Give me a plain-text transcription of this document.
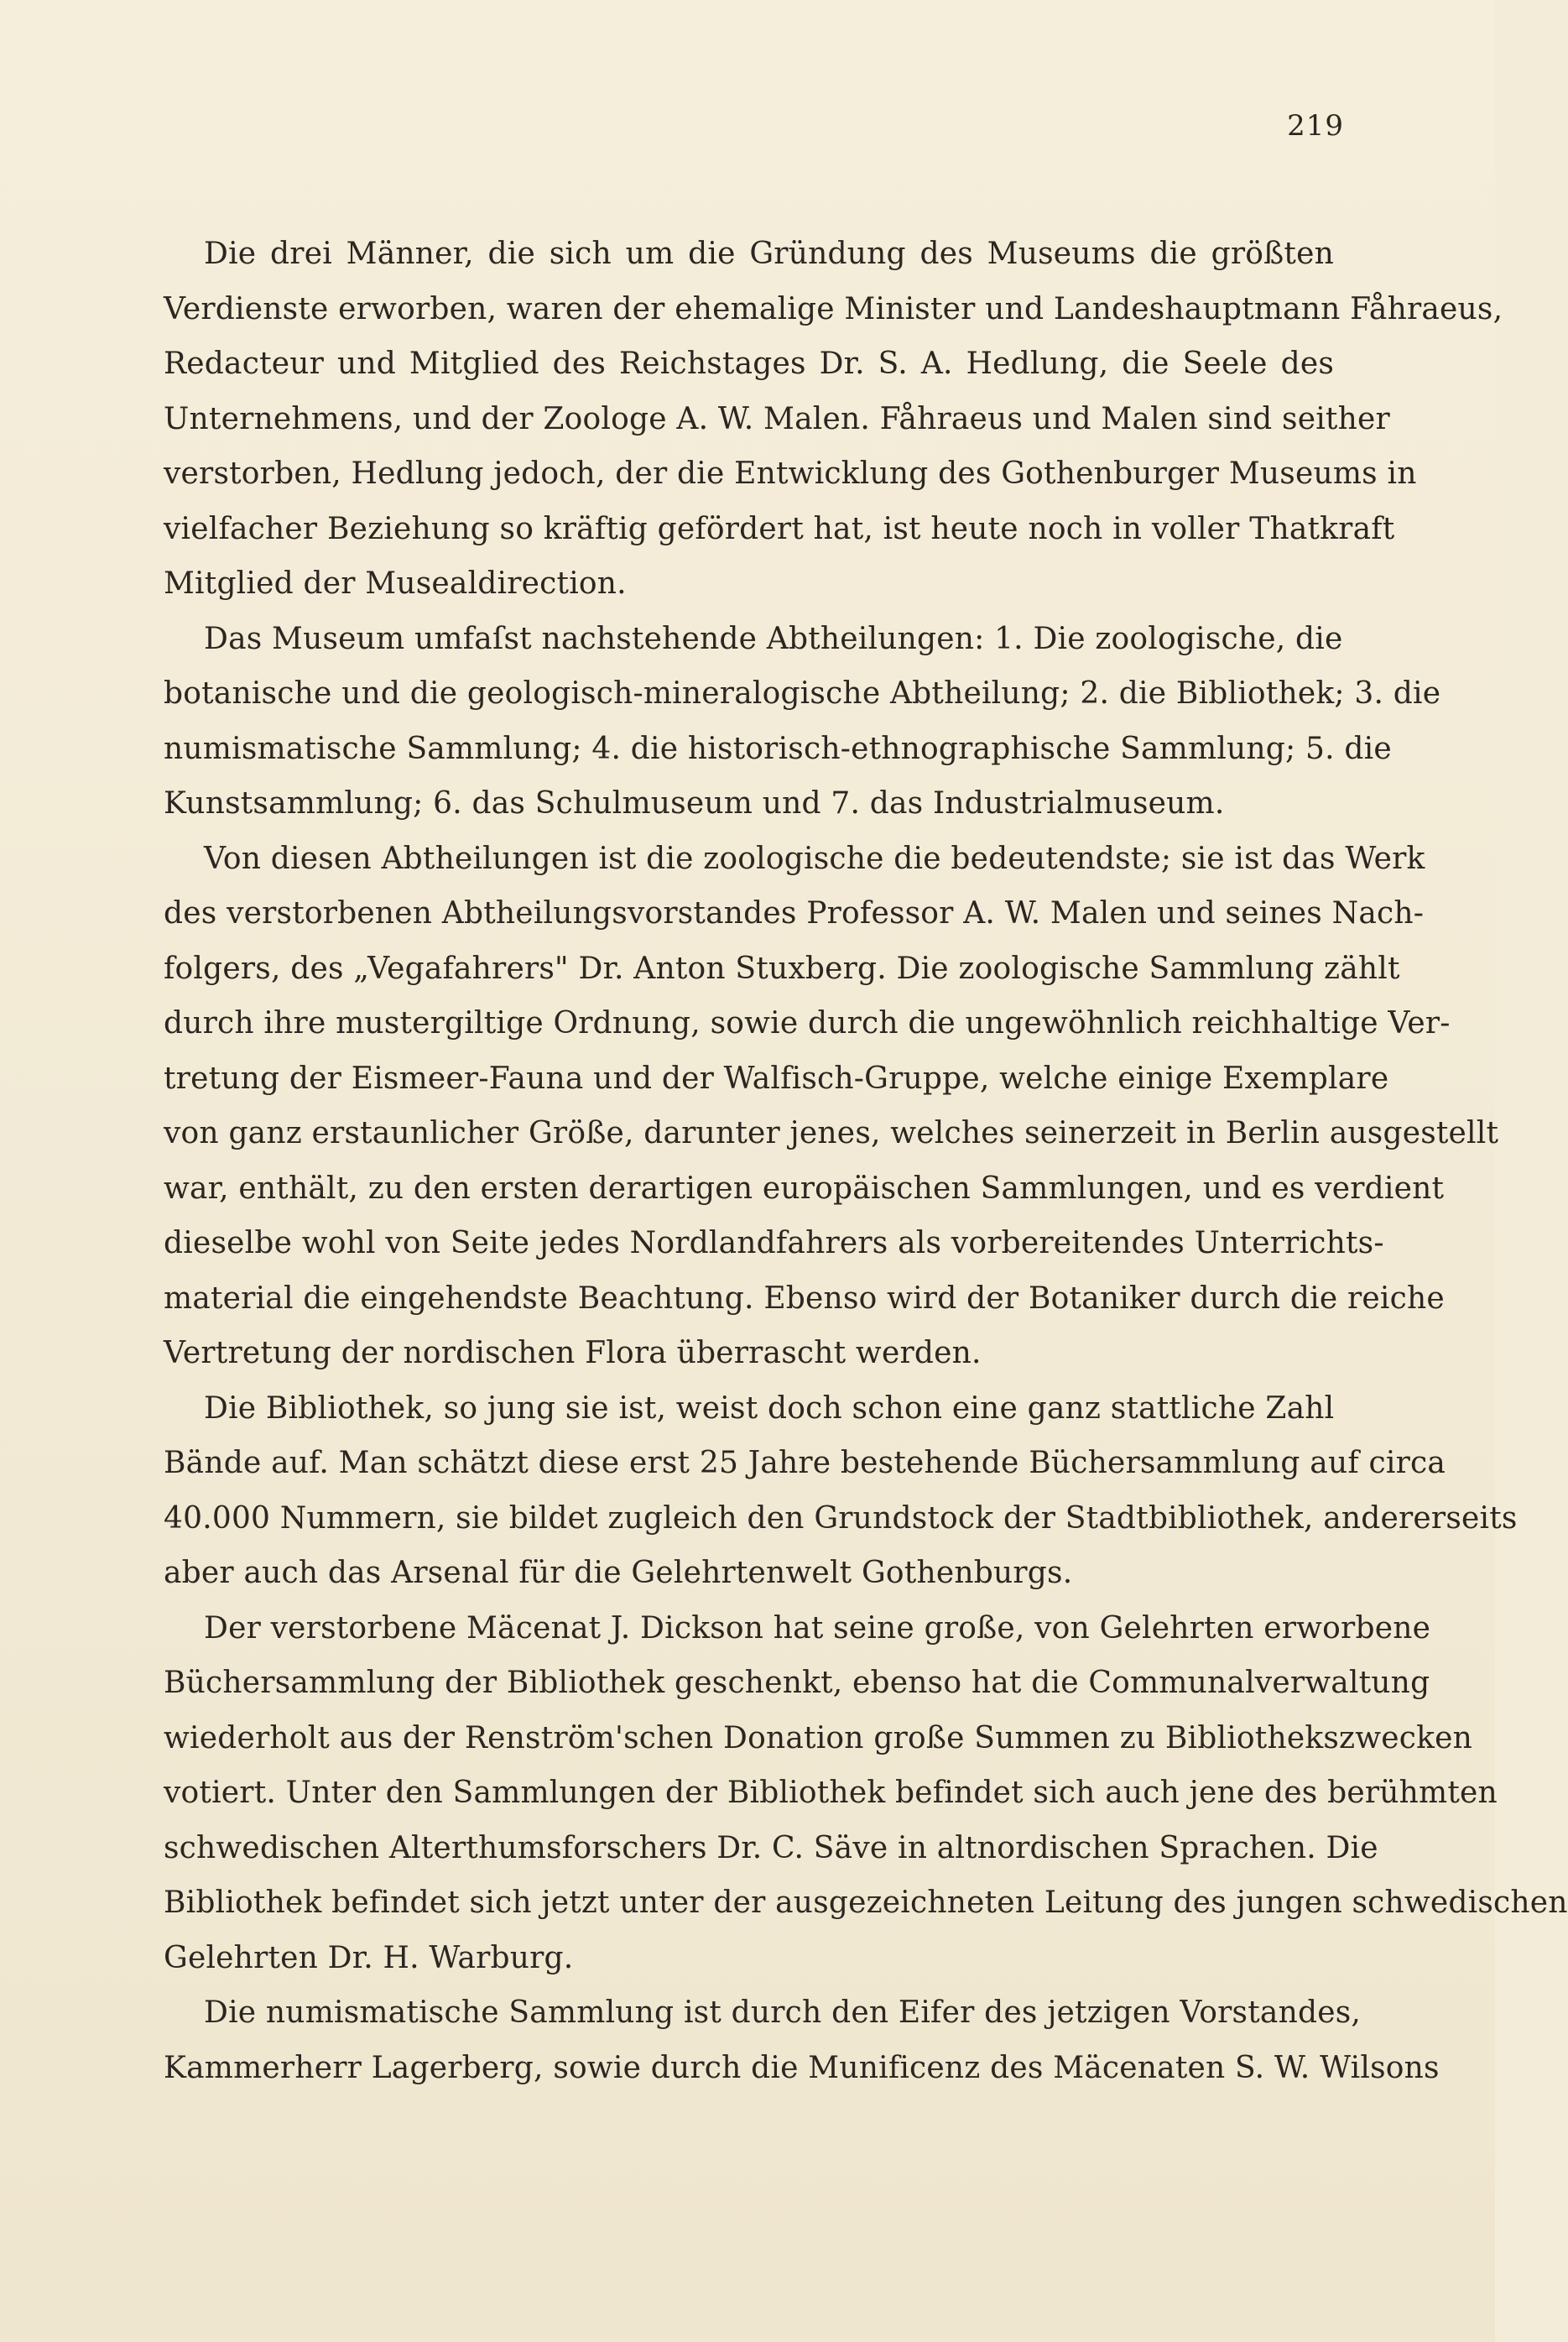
219
Die drei Männer, die sich um die Gründung des Museums die größten
Verdienste erworben, waren der ehemalige Minister und Landeshauptmann Fåhraeus,
Redacteur und Mitglied des Reichstages Dr. S. A. Hedlung, die Seele des
Unternehmens, und der Zoologe A. W. Malen. Fåhraeus und Malen sind seither
verstorben, Hedlung jedoch, der die Entwicklung des Gothenburger Museums in
vielfacher Beziehung so kräftig gefördert hat, ist heute noch in voller Thatkraft
Mitglied der Musealdirection.
Das Museum umfaſst nachstehende Abtheilungen: 1. Die zoologische, die
botanische und die geologisch-mineralogische Abtheilung; 2. die Bibliothek; 3. die
numismatische Sammlung; 4. die historisch-ethnographische Sammlung; 5. die
Kunstsammlung; 6. das Schulmuseum und 7. das Industrialmuseum.
Von diesen Abtheilungen ist die zoologische die bedeutendste; sie ist das Werk
des verstorbenen Abtheilungsvorstandes Professor A. W. Malen und seines Nach-
folgers, des „Vegafahrers" Dr. Anton Stuxberg. Die zoologische Sammlung zählt
durch ihre mustergiltige Ordnung, sowie durch die ungewöhnlich reichhaltige Ver-
tretung der Eismeer-Fauna und der Walfisch-Gruppe, welche einige Exemplare
von ganz erstaunlicher Größe, darunter jenes, welches seinerzeit in Berlin ausgestellt
war, enthält, zu den ersten derartigen europäischen Sammlungen, und es verdient
dieselbe wohl von Seite jedes Nordlandfahrers als vorbereitendes Unterrichts-
material die eingehendste Beachtung. Ebenso wird der Botaniker durch die reiche
Vertretung der nordischen Flora überrascht werden.
Die Bibliothek, so jung sie ist, weist doch schon eine ganz stattliche Zahl
Bände auf. Man schätzt diese erst 25 Jahre bestehende Büchersammlung auf circa
40.000 Nummern, sie bildet zugleich den Grundstock der Stadtbibliothek, andererseits
aber auch das Arsenal für die Gelehrtenwelt Gothenburgs.
Der verstorbene Mäcenat J. Dickson hat seine große, von Gelehrten erworbene
Büchersammlung der Bibliothek geschenkt, ebenso hat die Communalverwaltung
wiederholt aus der Renström'schen Donation große Summen zu Bibliothekszwecken
votiert. Unter den Sammlungen der Bibliothek befindet sich auch jene des berühmten
schwedischen Alterthumsforschers Dr. C. Säve in altnordischen Sprachen. Die
Bibliothek befindet sich jetzt unter der ausgezeichneten Leitung des jungen schwedischen
Gelehrten Dr. H. Warburg.
Die numismatische Sammlung ist durch den Eifer des jetzigen Vorstandes,
Kammerherr Lagerberg, sowie durch die Munificenz des Mäcenaten S. W. Wilsons
